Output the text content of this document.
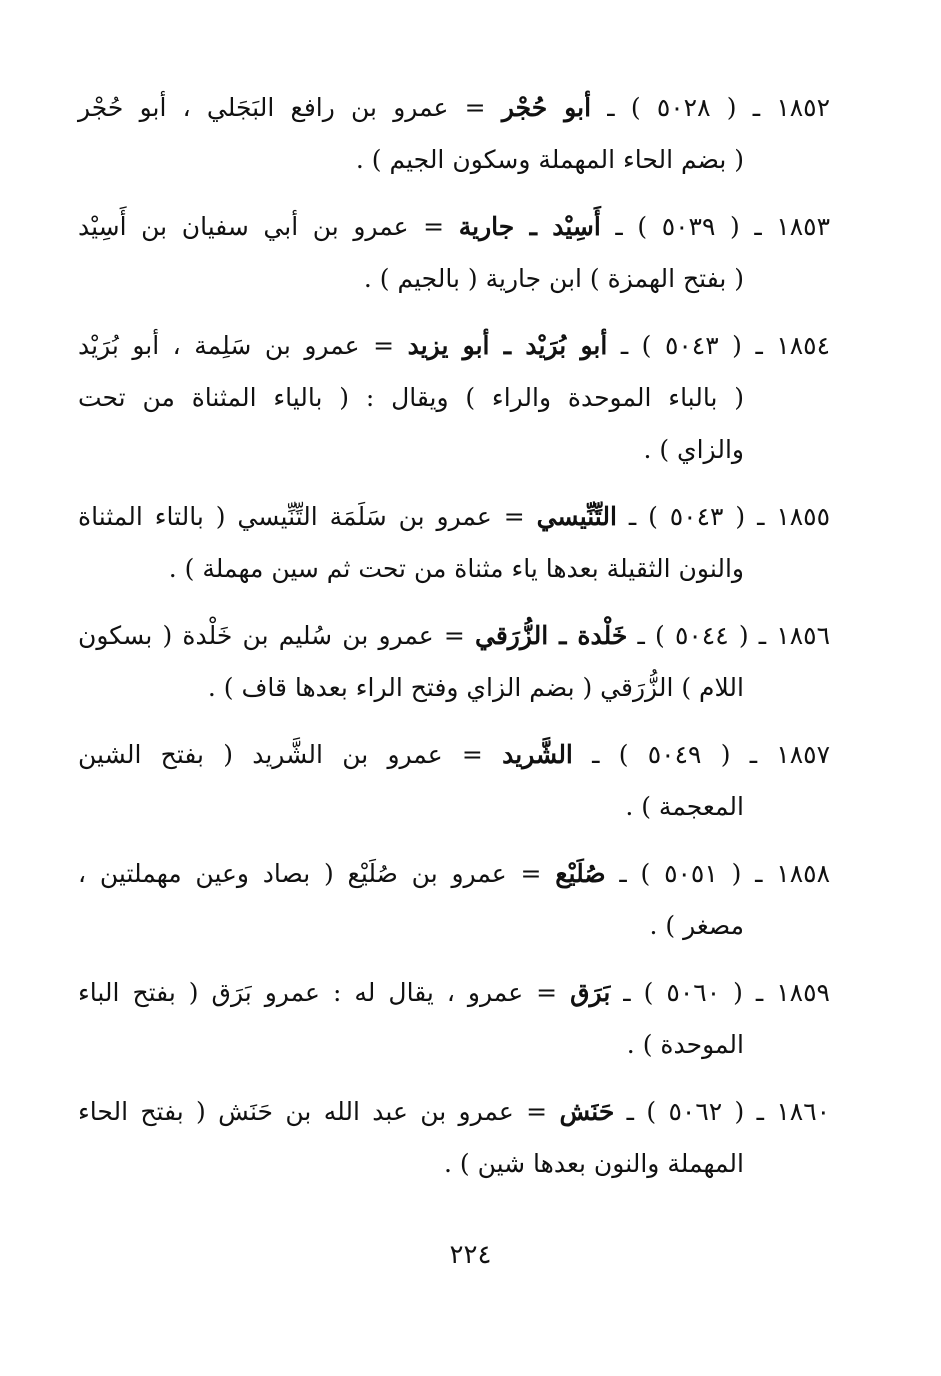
١٨٥٢ ـ ( ٥٠٢٨ ) ـ أبو حُجْر = عمرو بن رافع البَجَلي ، أبو حُجْر
( بضم الحاء المهملة وسكون الجيم ) .
١٨٥٣ ـ ( ٥٠٣٩ ) ـ أَسِيْد ـ جارية = عمرو بن أبي سفيان بن أَسِيْد
( بفتح الهمزة ) ابن جارية ( بالجيم ) .
١٨٥٤ ـ ( ٥٠٤٣ ) ـ أبو بُرَيْد ـ أبو يزيد = عمرو بن سَلِمة ، أبو بُرَيْد
( بالباء الموحدة والراء ) ويقال : ( بالياء المثناة من تحت
والزاي ) .
١٨٥٥ ـ ( ٥٠٤٣ ) ـ التِّنِّيسي = عمرو بن سَلَمَة التِّنِّيسي ( بالتاء المثناة
والنون الثقيلة بعدها ياء مثناة من تحت ثم سين مهملة ) .
١٨٥٦ ـ ( ٥٠٤٤ ) ـ خَلْدة ـ الزُّرَقي = عمرو بن سُليم بن خَلْدة ( بسكون
اللام ) الزُّرَقي ( بضم الزاي وفتح الراء بعدها قاف ) .
١٨٥٧ ـ ( ٥٠٤٩ ) ـ الشَّريد = عمرو بن الشَّريد ( بفتح الشين
المعجمة ) .
١٨٥٨ ـ ( ٥٠٥١ ) ـ صُلَيْع = عمرو بن صُلَيْع ( بصاد وعين مهملتين ،
مصغر ) .
١٨٥٩ ـ ( ٥٠٦٠ ) ـ بَرَق = عمرو ، يقال له : عمرو بَرَق ( بفتح الباء
الموحدة ) .
١٨٦٠ ـ ( ٥٠٦٢ ) ـ حَنَش = عمرو بن عبد الله بن حَنَش ( بفتح الحاء
المهملة والنون بعدها شين ) .
٢٢٤
